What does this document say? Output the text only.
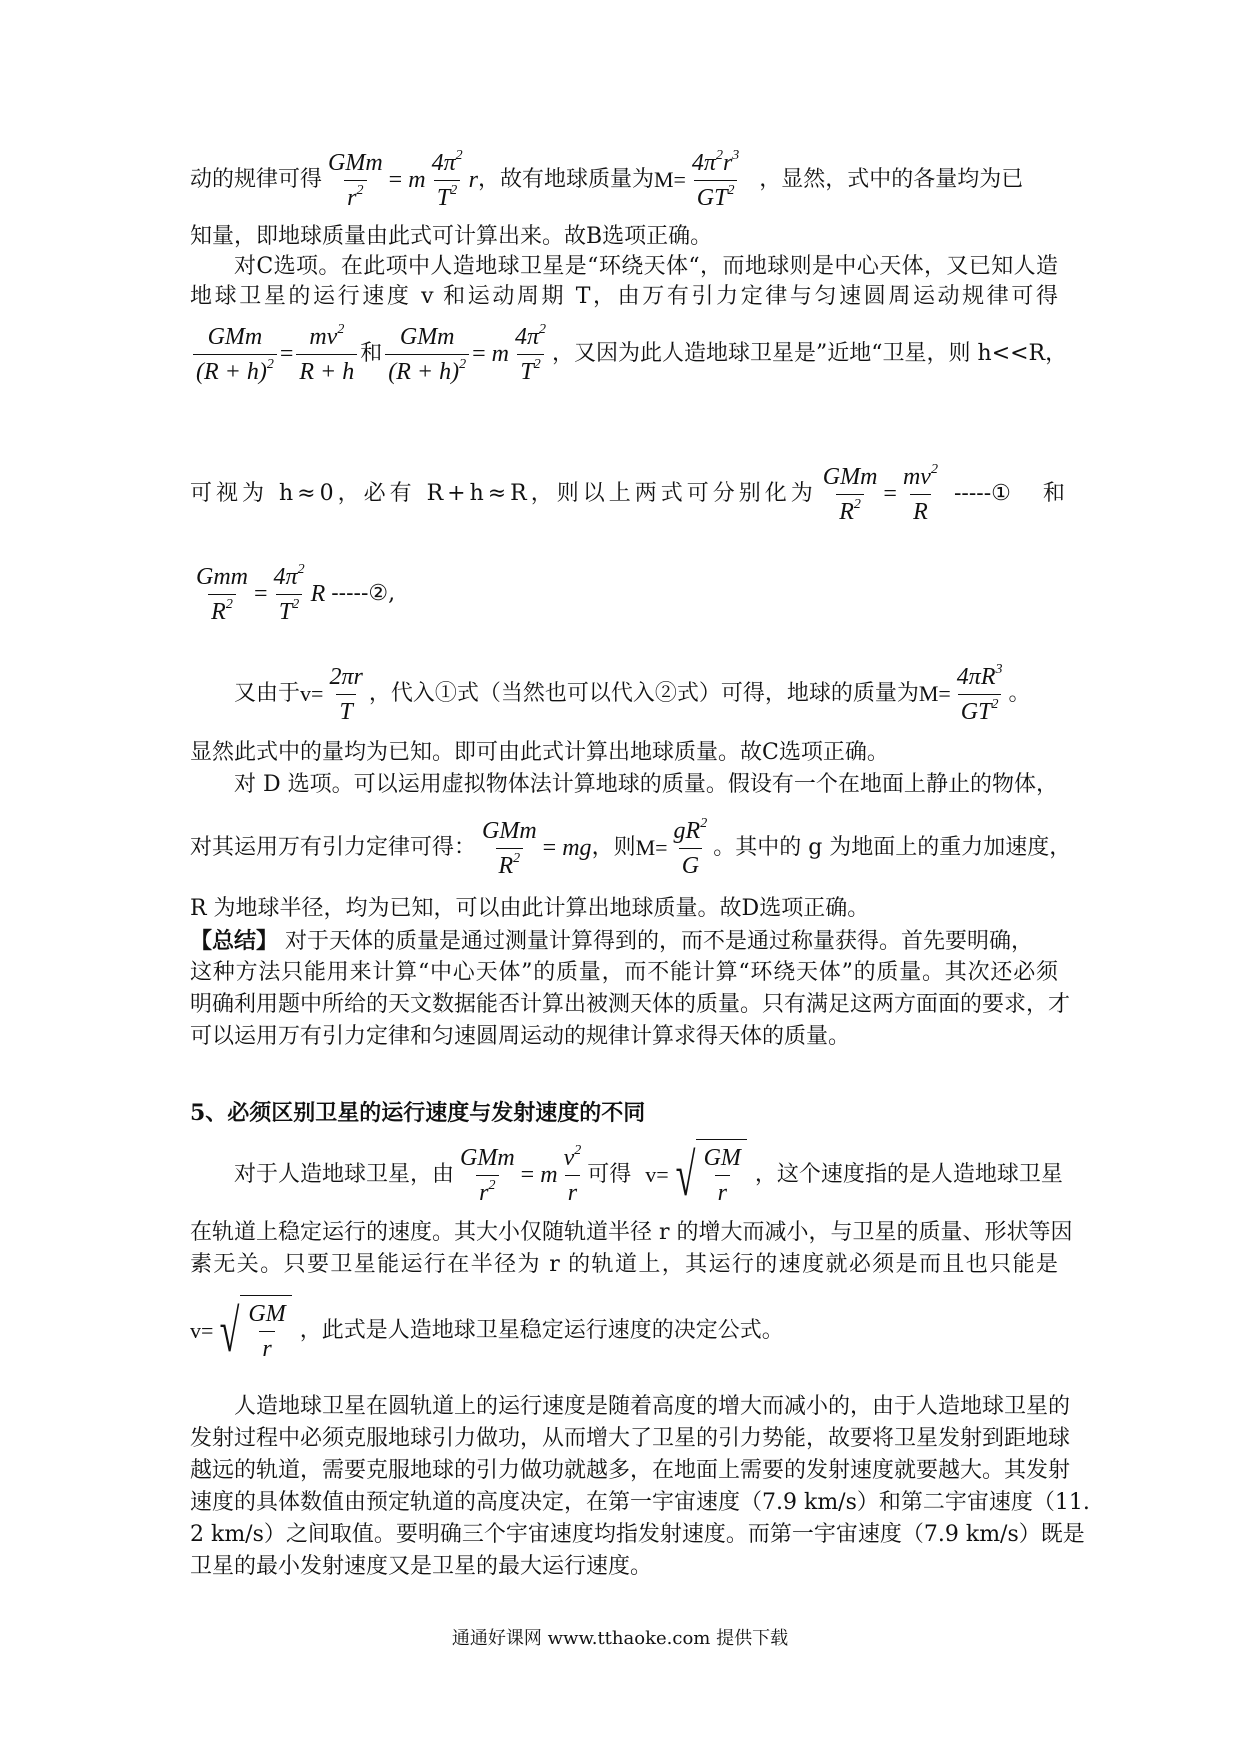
动的规律可得 $\frac{\text{GMm}}{r^2} = m \frac{4\pi^2}{T^2}$ r ，故有地球质量为 $M= \frac{4\pi^2r^3}{GT^2}$ ，显然，式中的各量均为已
知量，即地球质量由此式可计算出来。故B选项正确。
对C选项。在此项中人造地球卫星是“环绕天体“，而地球则是中心天体，又已知人造
地球卫星的运行速度 v 和运动周期 T，由万有引力定律与匀速圆周运动规律可得
$\frac{\text{GMm}}{(R + h)^2} = \frac{mv^2}{R + h}$ 和 $\frac{\text{GMm}}{(R + h)^2} = m \frac{4\pi^2}{T^2}$ ，又因为此人造地球卫星是”近地“卫星，则 h<<R，
可视为 h≈0，必有 R+h≈R，则以上两式可分别化为 $\frac{\text{GMm}}{R^2} = \frac{mv^2}{R}$ -----① 和
$\frac{\text{Gmm}}{R^2} = \frac{4\pi^2}{T^2}$ R -----②,
又由于 $v= \frac{2\pi r}{T}$ ，代入①式（当然也可以代入②式）可得，地球的质量为 $M= \frac{4\pi R^3}{GT^2}$ 。
显然此式中的量均为已知。即可由此式计算出地球质量。故C选项正确。
对 D 选项。可以运用虚拟物体法计算地球的质量。假设有一个在地面上静止的物体，
对其运用万有引力定律可得： $\frac{\text{GMm}}{R^2}$ = mg ，则 $M= \frac{gR^2}{G}$ 。其中的 g 为地面上的重力加速度，
R 为地球半径，均为已知，可以由此计算出地球质量。故D选项正确。
【总结】 对于天体的质量是通过测量计算得到的，而不是通过称量获得。首先要明确，
这种方法只能用来计算“中心天体”的质量，而不能计算“环绕天体”的质量。其次还必须
明确利用题中所给的天文数据能否计算出被测天体的质量。只有满足这两方面面的要求，才
可以运用万有引力定律和匀速圆周运动的规律计算求得天体的质量。
5、必须区别卫星的运行速度与发射速度的不同
对于人造地球卫星，由 $\frac{\text{GMm}}{r^2} = m \frac{v^2}{r}$ 可得 v= √ $\frac{GM}{r}$ ，这个速度指的是人造地球卫星
在轨道上稳定运行的速度。其大小仅随轨道半径 r 的增大而减小，与卫星的质量、形状等因
素无关。只要卫星能运行在半径为 r 的轨道上，其运行的速度就必须是而且也只能是
v= √ $\frac{GM}{r}$ ，此式是人造地球卫星稳定运行速度的决定公式。
人造地球卫星在圆轨道上的运行速度是随着高度的增大而减小的，由于人造地球卫星的
发射过程中必须克服地球引力做功，从而增大了卫星的引力势能，故要将卫星发射到距地球
越远的轨道，需要克服地球的引力做功就越多，在地面上需要的发射速度就要越大。其发射
速度的具体数值由预定轨道的高度决定，在第一宇宙速度（7.9 km/s）和第二宇宙速度（11.
2 km/s）之间取值。要明确三个宇宙速度均指发射速度。而第一宇宙速度（7.9 km/s）既是
卫星的最小发射速度又是卫星的最大运行速度。
通通好课网 www.tthaoke.com 提供下载
